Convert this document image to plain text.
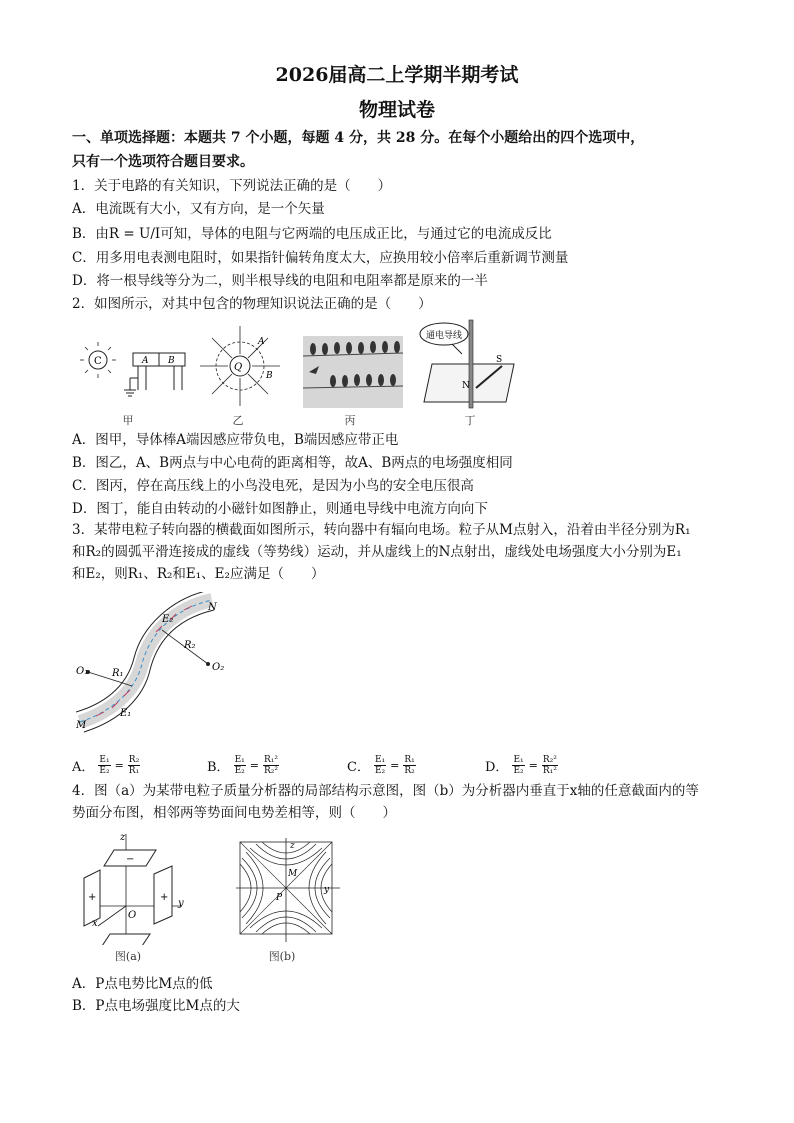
2026届高二上学期半期考试
物理试卷
一、单项选择题：本题共 7 个小题，每题 4 分，共 28 分。在每个小题给出的四个选项中，
只有一个选项符合题目要求。
1．关于电路的有关知识，下列说法正确的是（　　）
A．电流既有大小，又有方向，是一个矢量
B．由R = U/I可知，导体的电阻与它两端的电压成正比，与通过它的电流成反比
C．用多用电表测电阻时，如果指针偏转角度太大，应换用较小倍率后重新调节测量
D．将一根导线等分为二，则半根导线的电阻和电阻率都是原来的一半
2．如图所示，对其中包含的物理知识说法正确的是（　　）
C	A B
甲
Q
A
B
乙	丙
通电导线
S
N
丁
A．图甲，导体棒A端因感应带负电，B端因感应带正电
B．图乙，A、B两点与中心电荷的距离相等，故A、B两点的电场强度相同
C．图丙，停在高压线上的小鸟没电死，是因为小鸟的安全电压很高
D．图丁，能自由转动的小磁针如图静止，则通电导线中电流方向向下
3．某带电粒子转向器的横截面如图所示，转向器中有辐向电场。粒子从M点射入，沿着由半径分别为R₁
和R₂的圆弧平滑连接成的虚线（等势线）运动，并从虚线上的N点射出，虚线处电场强度大小分别为E₁
和E₂，则R₁、R₂和E₁、E₂应满足（　　）
N
M
O₁	O₂
R₁
R₂
E₁
E₂
A． $\frac{\text{E₁}}{\text{E₂}} = \frac{\text{R₂}}{\text{R₁}}$	B． $\frac{\text{E₁}}{\text{E₂}} = \frac{\text{R₁²}}{\text{R₂²}}$	C． $\frac{\text{E₁}}{\text{E₂}} = \frac{\text{R₁}}{\text{R₂}}$	D． $\frac{\text{E₁}}{\text{E₂}} = \frac{\text{R₂²}}{\text{R₁²}}$
4．图（a）为某带电粒子质量分析器的局部结构示意图，图（b）为分析器内垂直于x轴的任意截面内的等
势面分布图，相邻两等势面间电势差相等，则（　　）
z
y
x
O
+	+
−
图(a)
M
P
y
z
图(b)
A．P点电势比M点的低
B．P点电场强度比M点的大
